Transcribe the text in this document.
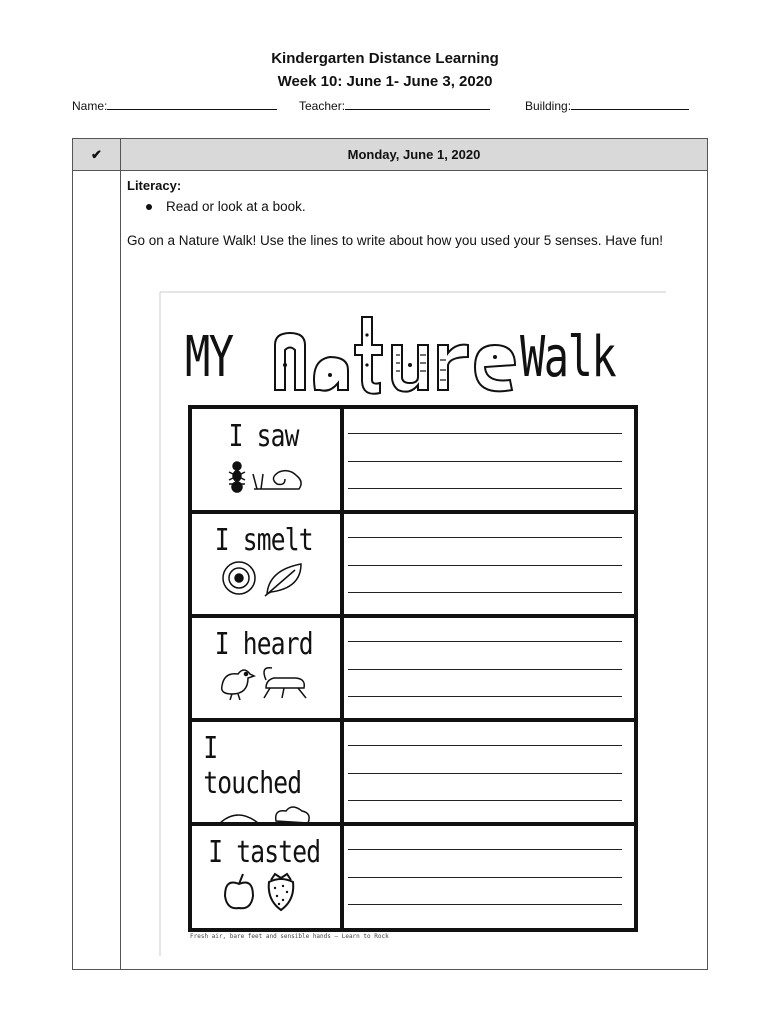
Kindergarten Distance Learning
Week 10: June 1- June 3, 2020
Name:	Teacher:	Building:
✔	Monday, June 1, 2020

Literacy:
Read or look at a book.
Go on a Nature Walk! Use the lines to write about how you used your 5 senses. Have fun!
MY	Walk
I saw
I smelt
I heard
I touched
I tasted
Fresh air, bare feet and sensible hands – Learn to Rock
